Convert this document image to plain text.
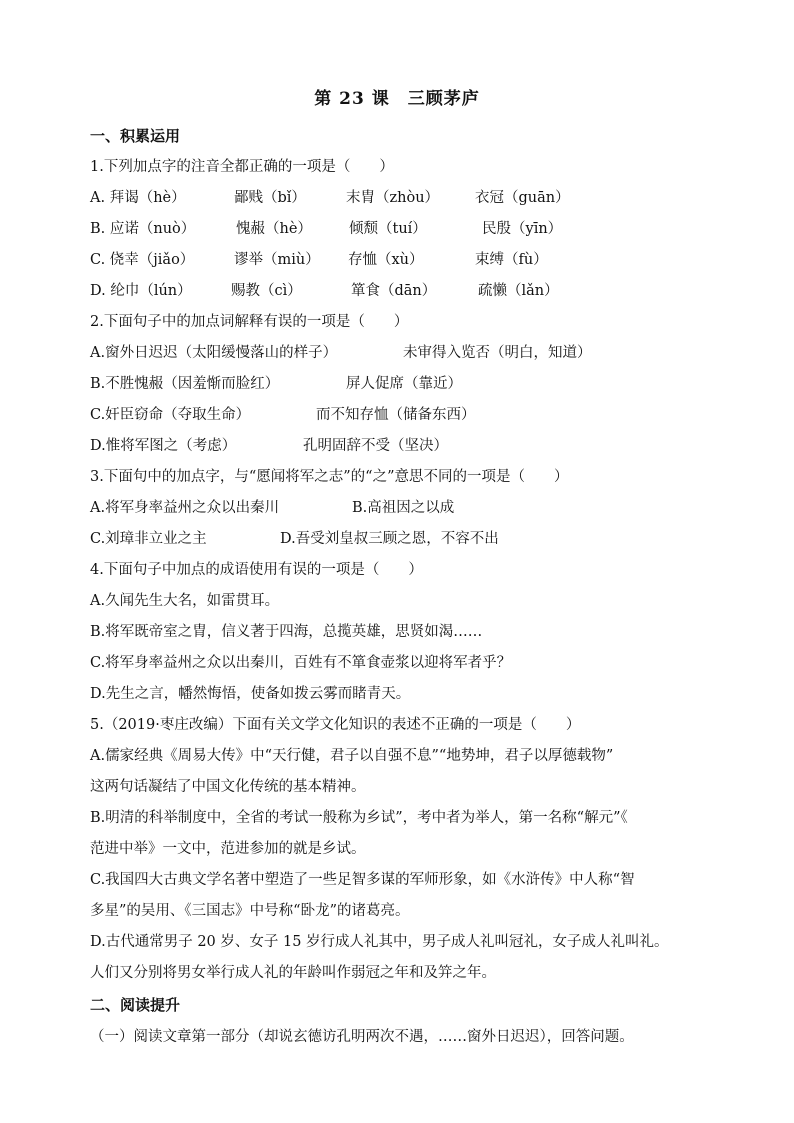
第 23 课　三顾茅庐
一、积累运用
1.下列加点字的注音全都正确的一项是（　　）
A. 拜谒（hè）	鄙贱（bǐ）	末胄（zhòu） 衣冠（guān）
B. 应诺（nuò）	愧赧（hè）	倾颓（tuí）	民殷（yīn）
C. 侥幸（jiǎo）	谬举（miù） 存恤（xù）	束缚（fù）
D. 纶巾（lún）	赐教（cì）	箪食（dān）	疏懒（lǎn）
2.下面句子中的加点词解释有误的一项是（　　）
A.窗外日迟迟（太阳缓慢落山的样子）	未审得入览否（明白，知道）
B.不胜愧赧（因羞惭而脸红）	屏人促席（靠近）
C.奸臣窃命（夺取生命）	而不知存恤（储备东西）
D.惟将军图之（考虑）	孔明固辞不受（坚决）
3.下面句中的加点字，与“愿闻将军之志”的“之”意思不同的一项是（　　）
A.将军身率益州之众以出秦川	B.高祖因之以成
C.刘璋非立业之主	D.吾受刘皇叔三顾之恩，不容不出
4.下面句子中加点的成语使用有误的一项是（　　）
A.久闻先生大名，如雷贯耳。
B.将军既帝室之胄，信义著于四海，总揽英雄，思贤如渴……
C.将军身率益州之众以出秦川，百姓有不箪食壶浆以迎将军者乎？
D.先生之言，幡然悔悟，使备如拨云雾而睹青天。
5.（2019·枣庄改编）下面有关文学文化知识的表述不正确的一项是（　　）
A.儒家经典《周易大传》中“天行健，君子以自强不息”“地势坤，君子以厚德载物”
这两句话凝结了中国文化传统的基本精神。
B.明清的科举制度中，全省的考试一般称为乡试”，考中者为举人，第一名称“解元”《
范进中举》一文中，范进参加的就是乡试。
C.我国四大古典文学名著中塑造了一些足智多谋的军师形象，如《水浒传》中人称“智
多星”的吴用、《三国志》中号称“卧龙”的诸葛亮。
D.古代通常男子 20 岁、女子 15 岁行成人礼其中，男子成人礼叫冠礼，女子成人礼叫礼。
人们又分别将男女举行成人礼的年龄叫作弱冠之年和及笄之年。
二、阅读提升
（一）阅读文章第一部分（却说玄德访孔明两次不遇，……窗外日迟迟），回答问题。
